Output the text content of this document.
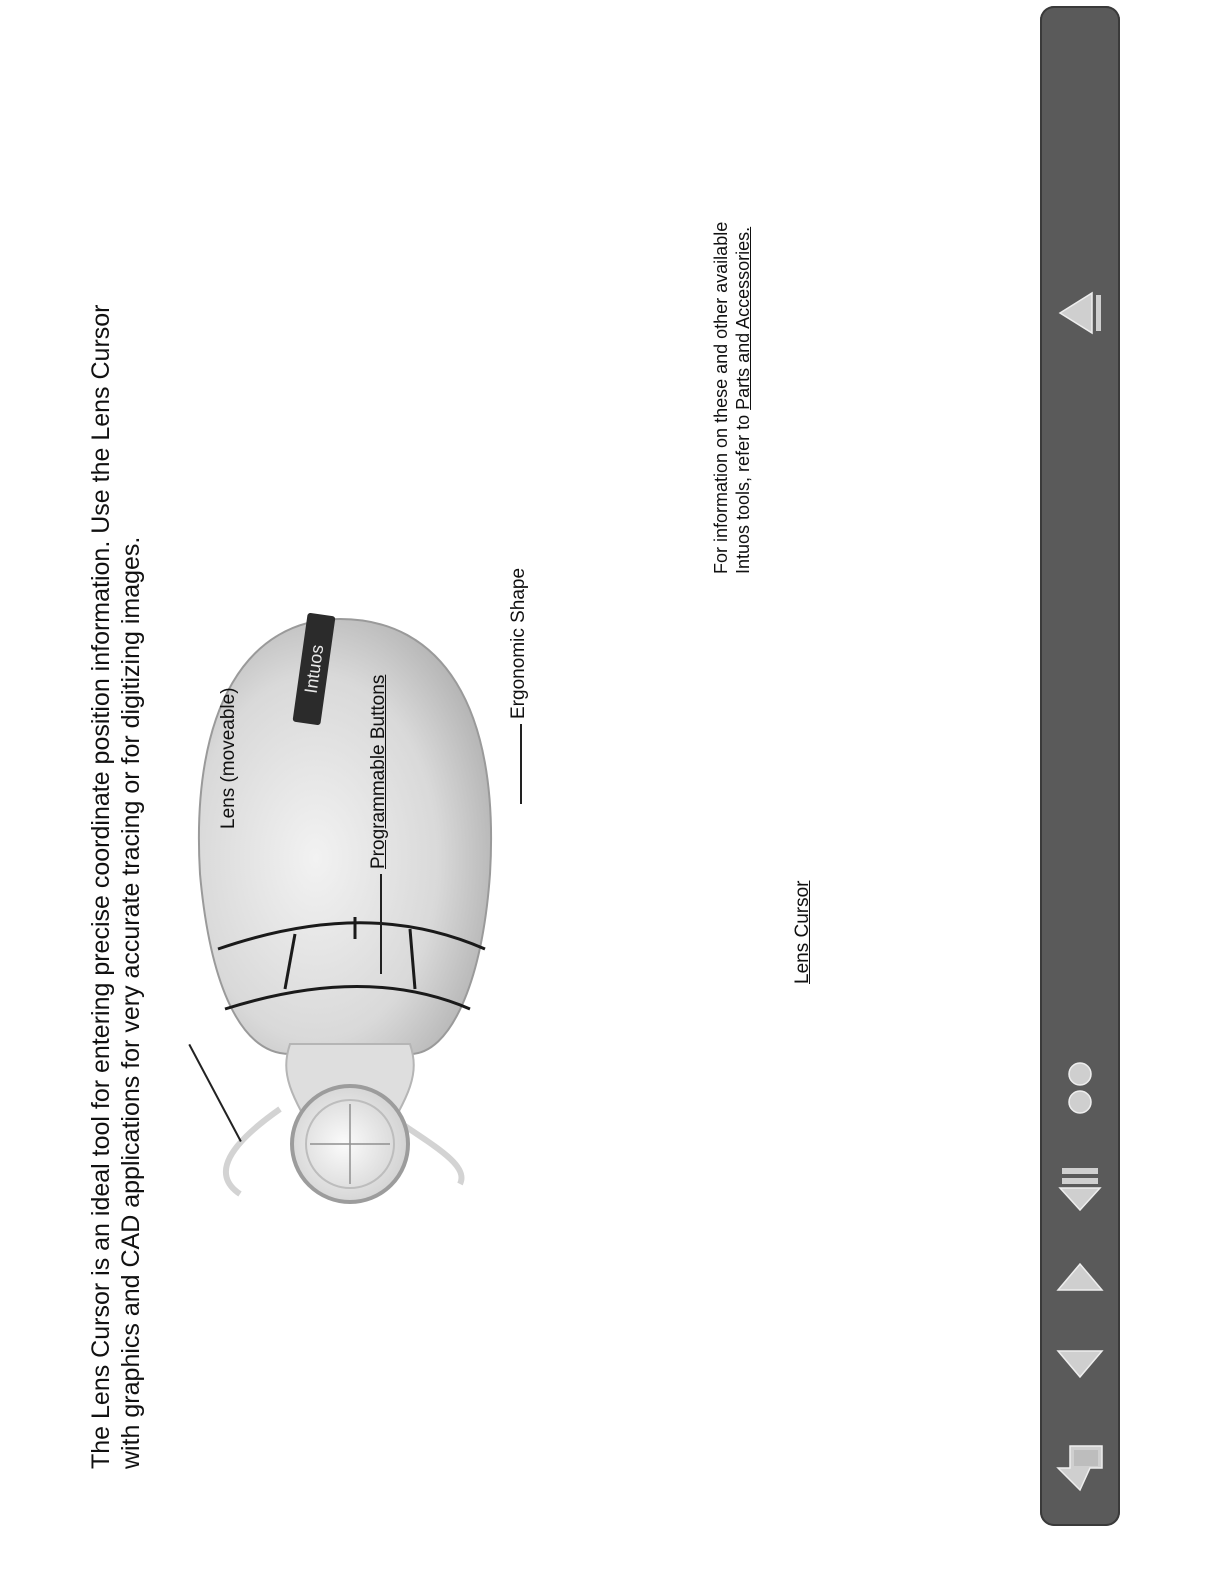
The Lens Cursor is an ideal tool for entering precise coordinate position information. Use the Lens Cursor with graphics and CAD applications for very accurate tracing or for digitizing images.	Intuos
Lens (moveable)	Programmable Buttons
Ergonomic Shape
Lens Cursor
For information on these and other available Intuos tools, refer to Parts and Accessories.
